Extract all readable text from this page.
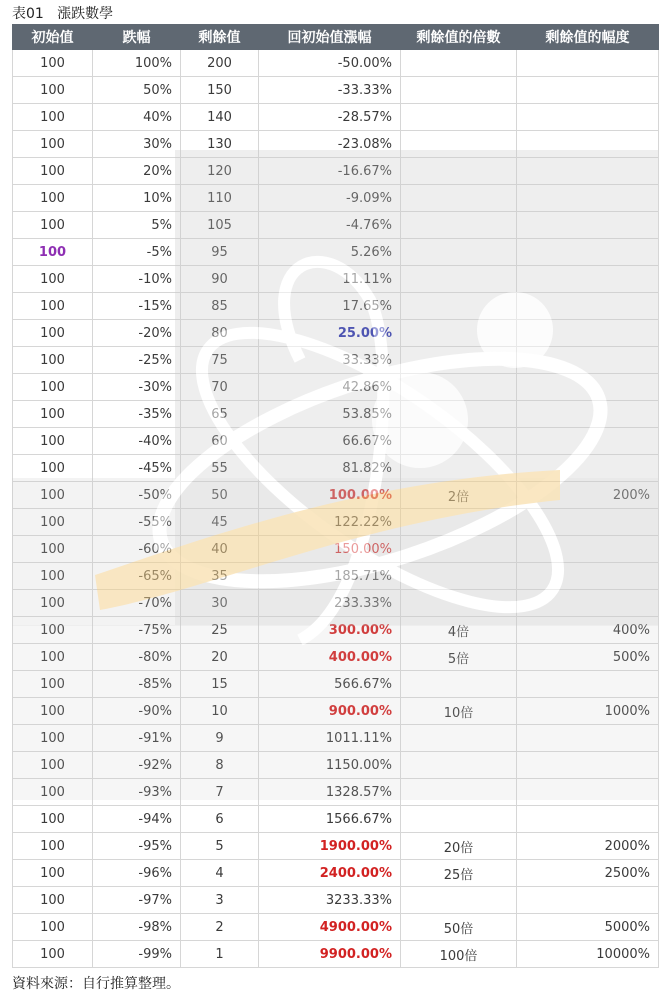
表01 漲跌數學
初始值	跌幅	剩餘值	回初始值漲幅	剩餘值的倍數	剩餘值的幅度
100	100%	200	-50.00%		
100	50%	150	-33.33%		
100	40%	140	-28.57%		
100	30%	130	-23.08%		
100	20%	120	-16.67%		
100	10%	110	-9.09%		
100	5%	105	-4.76%		
100	-5%	95	5.26%		
100	-10%	90	11.11%		
100	-15%	85	17.65%		
100	-20%	80	25.00%		
100	-25%	75	33.33%		
100	-30%	70	42.86%		
100	-35%	65	53.85%		
100	-40%	60	66.67%		
100	-45%	55	81.82%		
100	-50%	50	100.00%	2倍	200%
100	-55%	45	122.22%		
100	-60%	40	150.00%		
100	-65%	35	185.71%		
100	-70%	30	233.33%		
100	-75%	25	300.00%	4倍	400%
100	-80%	20	400.00%	5倍	500%
100	-85%	15	566.67%		
100	-90%	10	900.00%	10倍	1000%
100	-91%	9	1011.11%		
100	-92%	8	1150.00%		
100	-93%	7	1328.57%		
100	-94%	6	1566.67%		
100	-95%	5	1900.00%	20倍	2000%
100	-96%	4	2400.00%	25倍	2500%
100	-97%	3	3233.33%		
100	-98%	2	4900.00%	50倍	5000%
100	-99%	1	9900.00%	100倍	10000%
資料來源：自行推算整理。
